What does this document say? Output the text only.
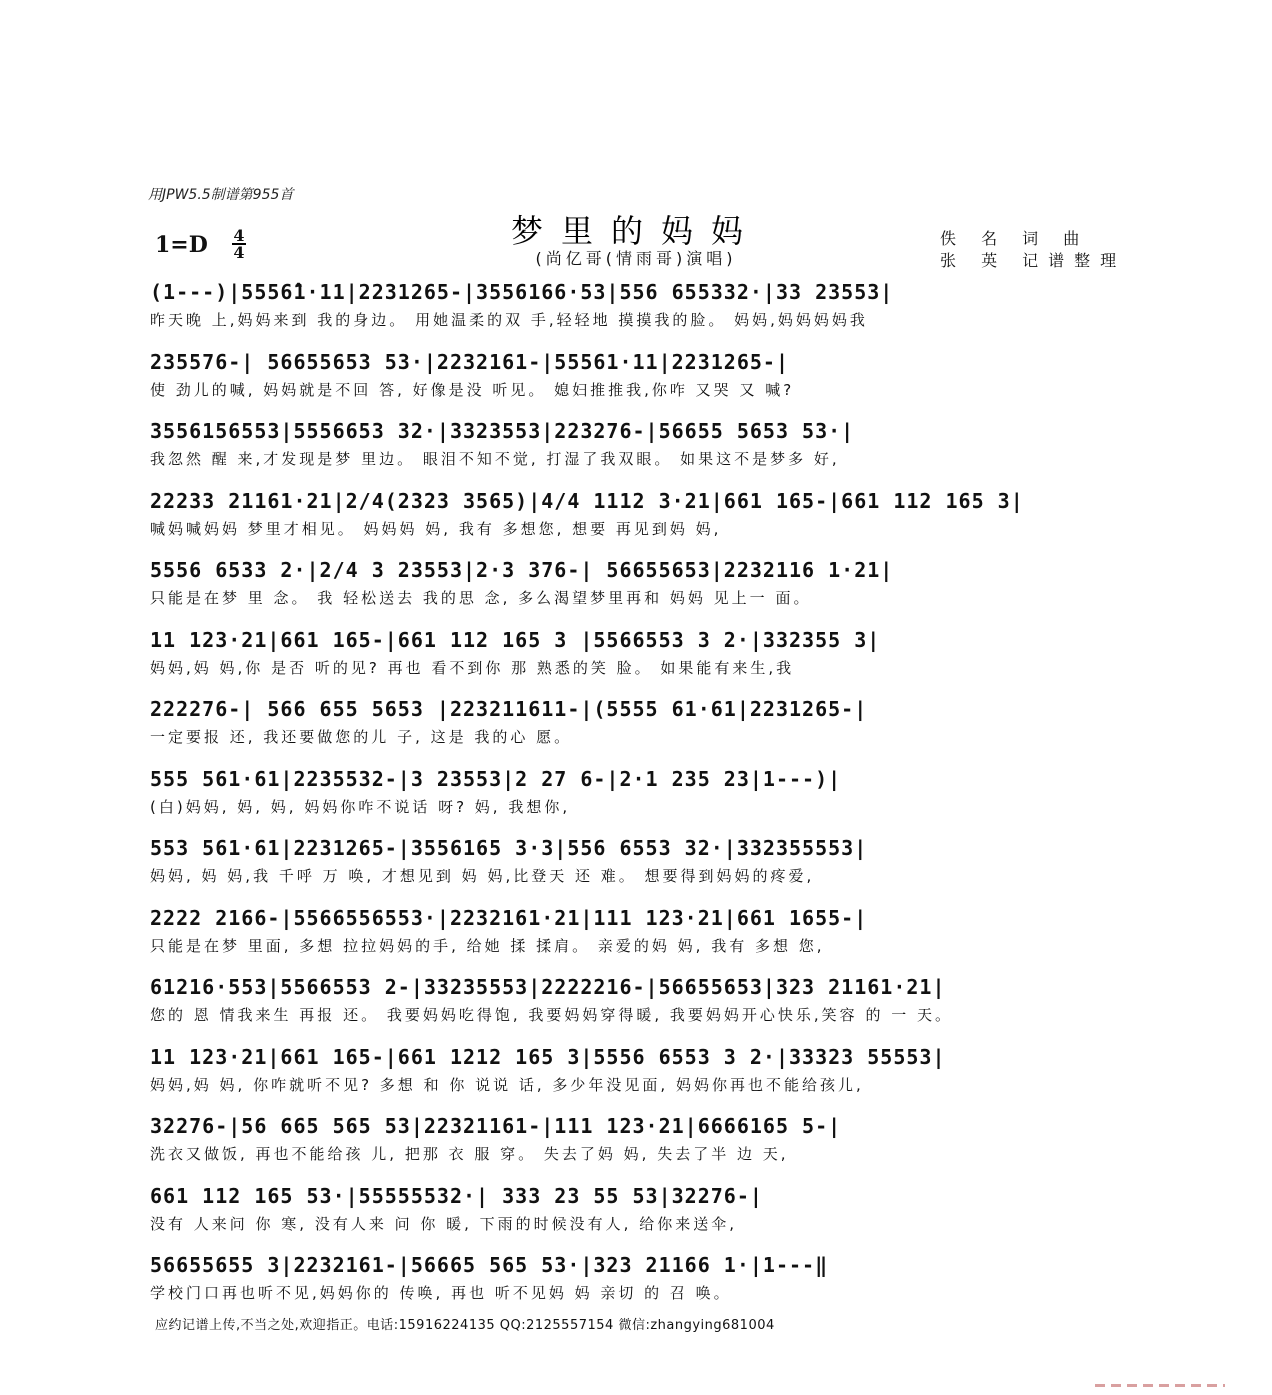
用JPW5.5制谱第955首
梦里的妈妈
(尚亿哥(情雨哥)演唱)
1=D 4
4
佚 名 词 曲
张 英 记谱整理
(1---)|5556̂1·11|2231265-|3556166·53|556 655332·|33 23553|
昨天晚 上,妈妈来到 我的身边。 用她温柔的双 手,轻轻地 摸摸我的脸。 妈妈,妈妈妈妈我
235576-| 56655653 53·|2232161-|55561·11|2231265-|
使 劲儿的喊, 妈妈就是不回 答, 好像是没 听见。 媳妇推推我,你咋 又哭 又 喊?
3556156553|5556653 32·|3323553|223276-|56655 5653 53·|
我忽然 醒 来,才发现是梦 里边。 眼泪不知不觉, 打湿了我双眼。 如果这不是梦多 好,
22233 21161·21|2/4(2323 3565)|4/4 1112 3·21|661 165-|661 112 165 3|
喊妈喊妈妈 梦里才相见。 妈妈妈 妈, 我有 多想您, 想要 再见到妈 妈,
5556 6533 2·|2/4 3 23553|2·3 376-| 56655653|2232116 1·21|
只能是在梦 里 念。 我 轻松送去 我的思 念, 多么渴望梦里再和 妈妈 见上一 面。
11 123·21|661 165-|661 112 165 3 |5566553 3 2·|332355 3|
妈妈,妈 妈,你 是否 听的见? 再也 看不到你 那 熟悉的笑 脸。 如果能有来生,我
222276-| 566 655 5653 |223211611-|(5555 61·61|2231265-|
一定要报 还, 我还要做您的儿 子, 这是 我的心 愿。
555 561·61|2235532-|3 23553|2 27 6-|2·1 235 23|1---)|
(白)妈妈, 妈, 妈, 妈妈你咋不说话 呀? 妈, 我想你,
553 561·61|2231265-|3556165 3·3|556 6553 32·|332355553|
妈妈, 妈 妈,我 千呼 万 唤, 才想见到 妈 妈,比登天 还 难。 想要得到妈妈的疼爱,
2222 2166-|5566556553·|2232161·21|111 123·21|661 1655-|
只能是在梦 里面, 多想 拉拉妈妈的手, 给她 揉 揉肩。 亲爱的妈 妈, 我有 多想 您,
61216·553|5566553 2-|33235553|2222216-|56655653|323 21161·21|
您的 恩 情我来生 再报 还。 我要妈妈吃得饱, 我要妈妈穿得暖, 我要妈妈开心快乐,笑容 的 一 天。
11 123·21|661 165-|661 1212 165 3|5556 6553 3 2·|33323 55553|
妈妈,妈 妈, 你咋就听不见? 多想 和 你 说说 话, 多少年没见面, 妈妈你再也不能给孩儿,
32276-|56 665 565 53|22321161-|111 123·21|6666165 5-|
洗衣又做饭, 再也不能给孩 儿, 把那 衣 服 穿。 失去了妈 妈, 失去了半 边 天,
661 112 165 53·|55555532·| 333 23 55 53|32276-|
没有 人来问 你 寒, 没有人来 问 你 暖, 下雨的时候没有人, 给你来送伞,
56655655 3|2232161-|56665 565 53·|323 21166 1·|1---‖
学校门口再也听不见,妈妈你的 传唤, 再也 听不见妈 妈 亲切 的 召 唤。
应约记谱上传,不当之处,欢迎指正。电话:15916224135 QQ:2125557154 微信:zhangying681004
